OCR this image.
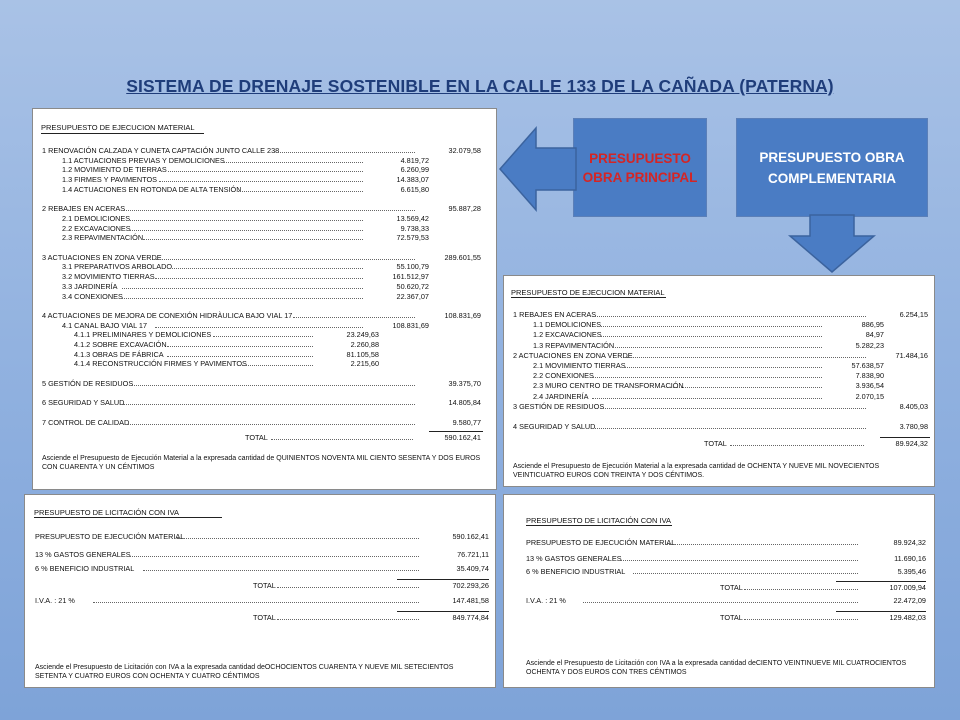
SISTEMA DE DRENAJE SOSTENIBLE EN LA CALLE 133 DE LA CAÑADA (PATERNA)
PRESUPUESTO DE EJECUCION MATERIAL
1 RENOVACIÓN CALZADA Y CUNETA CAPTACIÓN JUNTO CALLE 238	32.079,58
1.1 ACTUACIONES PREVIAS Y DEMOLICIONES	4.819,72
1.2 MOVIMIENTO DE TIERRAS	6.260,99
1.3 FIRMES Y PAVIMENTOS	14.383,07
1.4 ACTUACIONES EN ROTONDA DE ALTA TENSIÓN	6.615,80
2 REBAJES EN ACERAS	95.887,28
2.1 DEMOLICIONES	13.569,42
2.2 EXCAVACIONES	9.738,33
2.3 REPAVIMENTACIÓN	72.579,53
3 ACTUACIONES EN ZONA VERDE	289.601,55
3.1 PREPARATIVOS ARBOLADO	55.100,79
3.2 MOVIMIENTO TIERRAS	161.512,97
3.3 JARDINERÍA	50.620,72
3.4 CONEXIONES	22.367,07
4 ACTUACIONES DE MEJORA DE CONEXIÓN HIDRÀULICA BAJO VIAL 17	108.831,69
4.1 CANAL BAJO VIAL 17	108.831,69
4.1.1 PRELIMINARES Y DEMOLICIONES	23.249,63
4.1.2 SOBRE EXCAVACIÓN	2.260,88
4.1.3 OBRAS DE FÁBRICA	81.105,58
4.1.4 RECONSTRUCCIÓN FIRMES Y PAVIMENTOS	2.215,60
5 GESTIÓN DE RESIDUOS	39.375,70
6 SEGURIDAD Y SALUD	14.805,84
7 CONTROL DE CALIDAD	9.580,77
TOTAL	590.162,41
Asciende el Presupuesto de Ejecución Material a la expresada cantidad de QUINIENTOS NOVENTA MIL CIENTO SESENTA Y DOS EUROS CON CUARENTA Y UN CÉNTIMOS
PRESUPUESTO DE EJECUCION MATERIAL
1 REBAJES EN ACERAS	6.254,15
1.1 DEMOLICIONES	886,95
1.2 EXCAVACIONES	84,97
1.3 REPAVIMENTACIÓN	5.282,23
2 ACTUACIONES EN ZONA VERDE	71.484,16
2.1 MOVIMIENTO TIERRAS	57.638,57
2.2 CONEXIONES	7.838,90
2.3 MURO CENTRO DE TRANSFORMACIÓN	3.936,54
2.4 JARDINERÍA	2.070,15
3 GESTIÓN DE RESIDUOS	8.405,03
4 SEGURIDAD Y SALUD	3.780,98
TOTAL	89.924,32
Asciende el Presupuesto de Ejecución Material a la expresada cantidad de OCHENTA Y NUEVE MIL NOVECIENTOS VEINTICUATRO EUROS CON TREINTA Y DOS CÉNTIMOS.
PRESUPUESTO DE LICITACIÓN CON IVA
PRESUPUESTO DE EJECUCIÓN MATERIAL	590.162,41
13 % GASTOS GENERALES	76.721,11
6 % BENEFICIO INDUSTRIAL	35.409,74
TOTAL	702.293,26
I.V.A. : 21 %	147.481,58
TOTAL	849.774,84
Asciende el Presupuesto de Licitación con IVA a la expresada cantidad deOCHOCIENTOS CUARENTA Y NUEVE MIL SETECIENTOS SETENTA Y CUATRO EUROS CON OCHENTA Y CUATRO CÉNTIMOS
PRESUPUESTO DE LICITACIÓN CON IVA
PRESUPUESTO DE EJECUCIÓN MATERIAL	89.924,32
13 % GASTOS GENERALES	11.690,16
6 % BENEFICIO INDUSTRIAL	5.395,46
TOTAL	107.009,94
I.V.A. : 21 %	22.472,09
TOTAL	129.482,03
Asciende el Presupuesto de Licitación con IVA a la expresada cantidad deCIENTO VEINTINUEVE MIL CUATROCIENTOS OCHENTA Y DOS EUROS CON TRES CÉNTIMOS
PRESUPUESTO OBRA PRINCIPAL
PRESUPUESTO OBRA COMPLEMENTARIA
